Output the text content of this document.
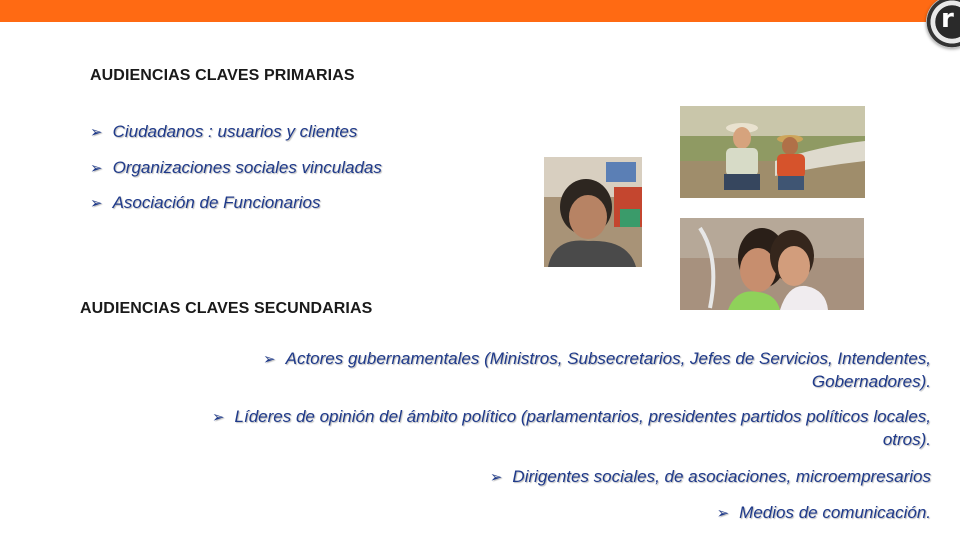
r
AUDIENCIAS CLAVES PRIMARIAS
➢ Ciudadanos : usuarios y clientes
➢ Organizaciones sociales vinculadas
➢ Asociación de Funcionarios
AUDIENCIAS CLAVES SECUNDARIAS
➢ Actores gubernamentales (Ministros, Subsecretarios, Jefes de Servicios, Intendentes,
Gobernadores).
➢ Líderes de opinión del ámbito político (parlamentarios, presidentes partidos políticos locales,
otros).
➢ Dirigentes sociales, de asociaciones, microempresarios
➢ Medios de comunicación.
